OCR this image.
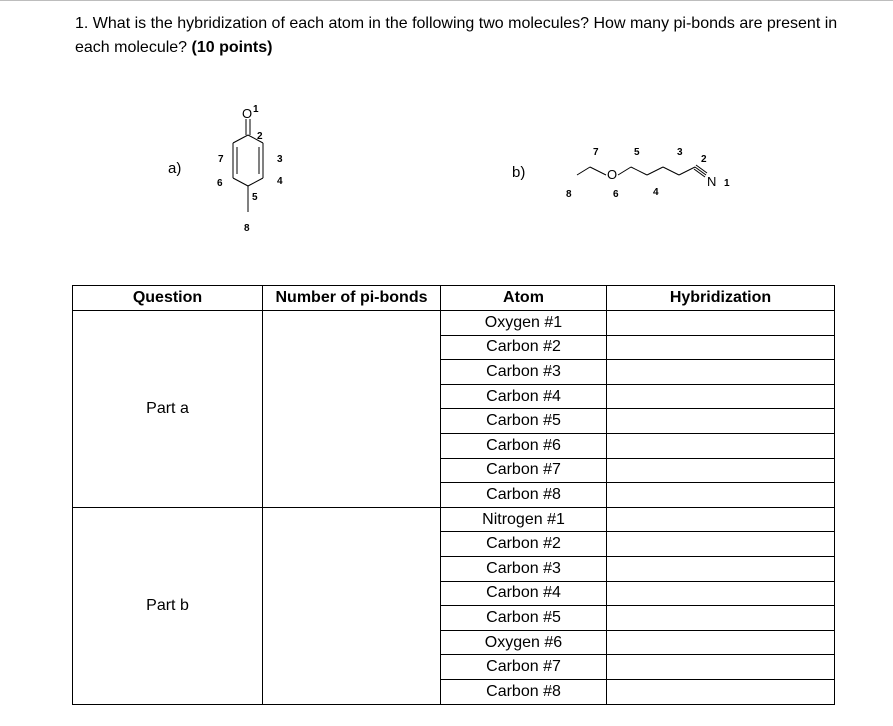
1. What is the hybridization of each atom in the following two molecules? How many pi-bonds are present in each molecule? (10 points)
a)
O 1
2
3
4
5
6
7
8
b)	O	N 1
2
3
4
5
6
7
8
Question	Number of pi-bonds	Atom	Hybridization
Part a		Oxygen #1	
		Carbon #2	
		Carbon #3	
		Carbon #4	
		Carbon #5	
		Carbon #6	
		Carbon #7	
		Carbon #8	
Part b		Nitrogen #1	
		Carbon #2	
		Carbon #3	
		Carbon #4	
		Carbon #5	
		Oxygen #6	
		Carbon #7	
		Carbon #8	
